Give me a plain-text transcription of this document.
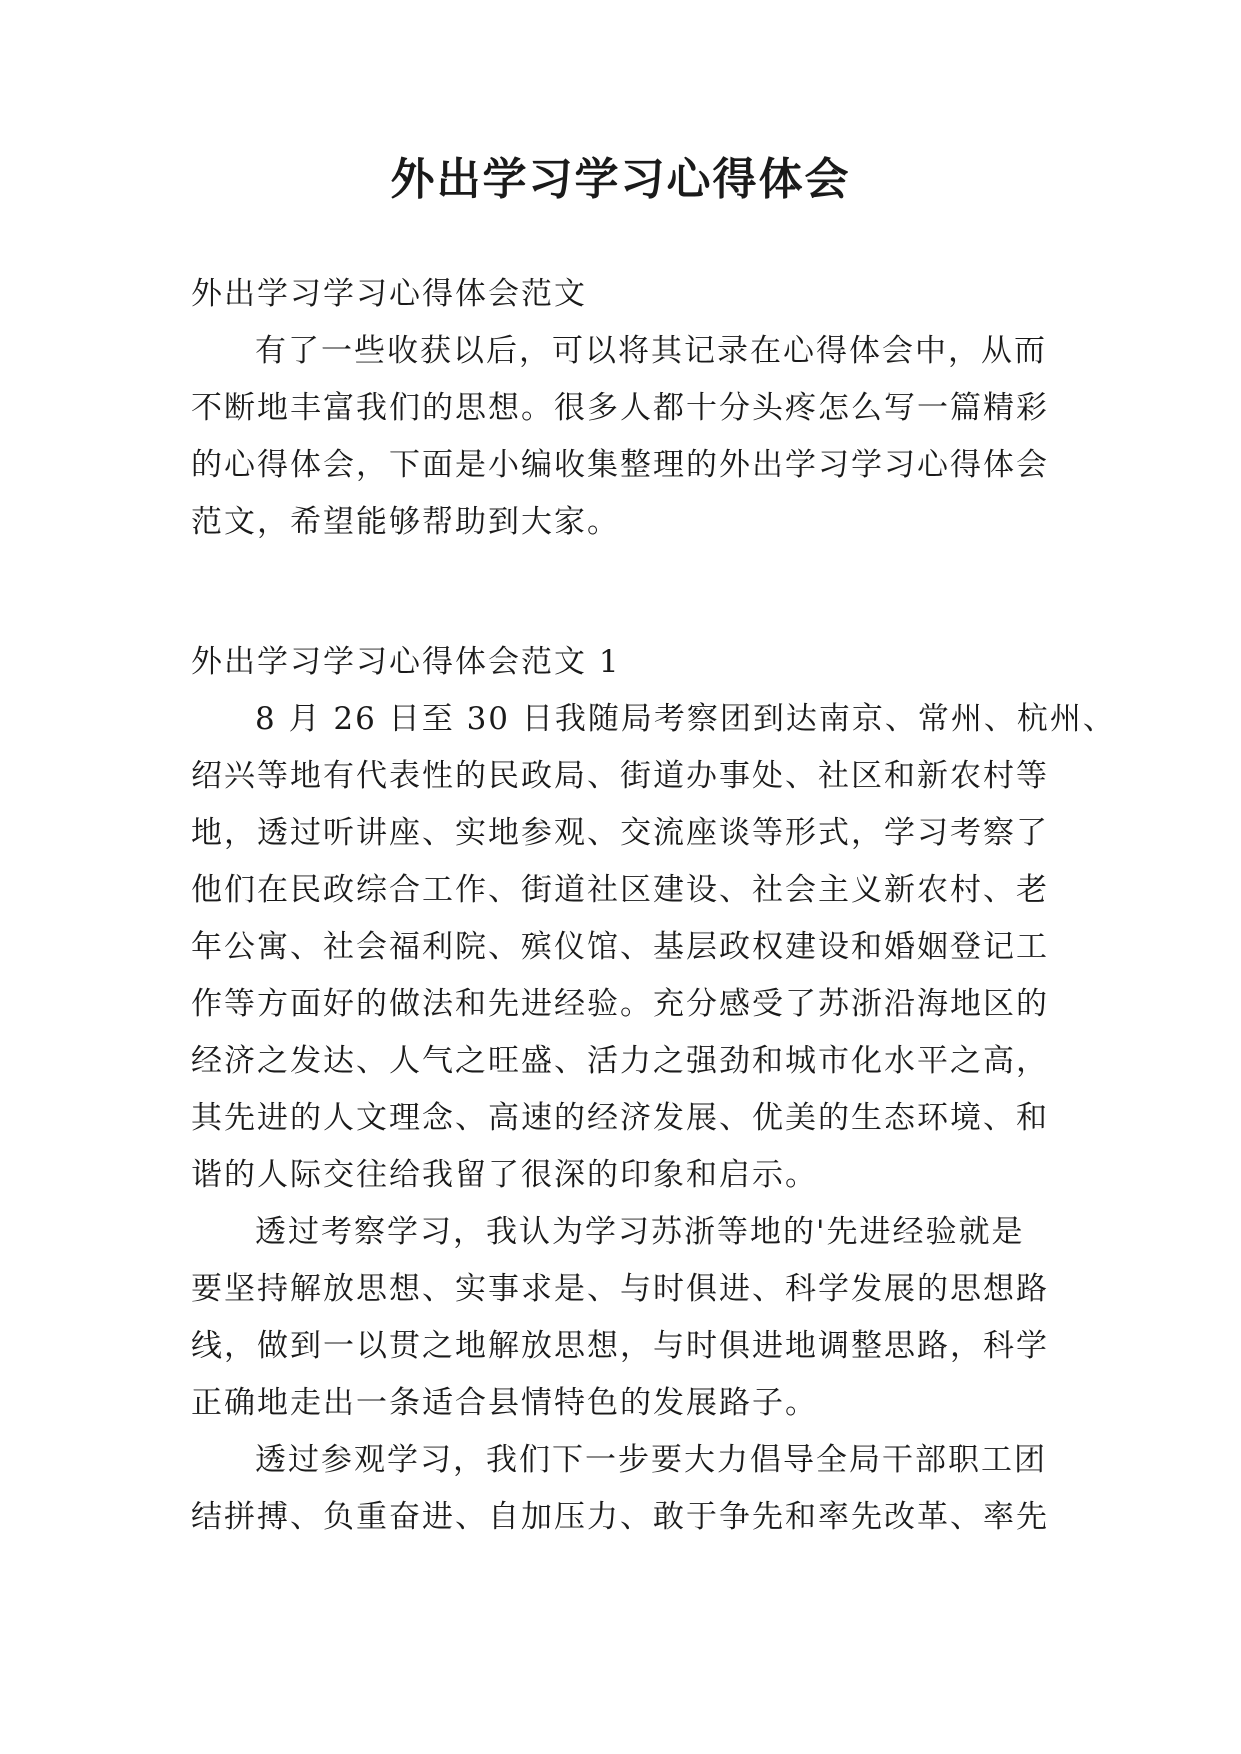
外出学习学习心得体会
外出学习学习心得体会范文
有了一些收获以后，可以将其记录在心得体会中，从而
不断地丰富我们的思想。很多人都十分头疼怎么写一篇精彩
的心得体会，下面是小编收集整理的外出学习学习心得体会
范文，希望能够帮助到大家。
外出学习学习心得体会范文 1
8 月 26 日至 30 日我随局考察团到达南京、常州、杭州、
绍兴等地有代表性的民政局、街道办事处、社区和新农村等
地，透过听讲座、实地参观、交流座谈等形式，学习考察了
他们在民政综合工作、街道社区建设、社会主义新农村、老
年公寓、社会福利院、殡仪馆、基层政权建设和婚姻登记工
作等方面好的做法和先进经验。充分感受了苏浙沿海地区的
经济之发达、人气之旺盛、活力之强劲和城市化水平之高，
其先进的人文理念、高速的经济发展、优美的生态环境、和
谐的人际交往给我留了很深的印象和启示。
透过考察学习，我认为学习苏浙等地的'先进经验就是
要坚持解放思想、实事求是、与时俱进、科学发展的思想路
线，做到一以贯之地解放思想，与时俱进地调整思路，科学
正确地走出一条适合县情特色的发展路子。
透过参观学习，我们下一步要大力倡导全局干部职工团
结拼搏、负重奋进、自加压力、敢于争先和率先改革、率先
